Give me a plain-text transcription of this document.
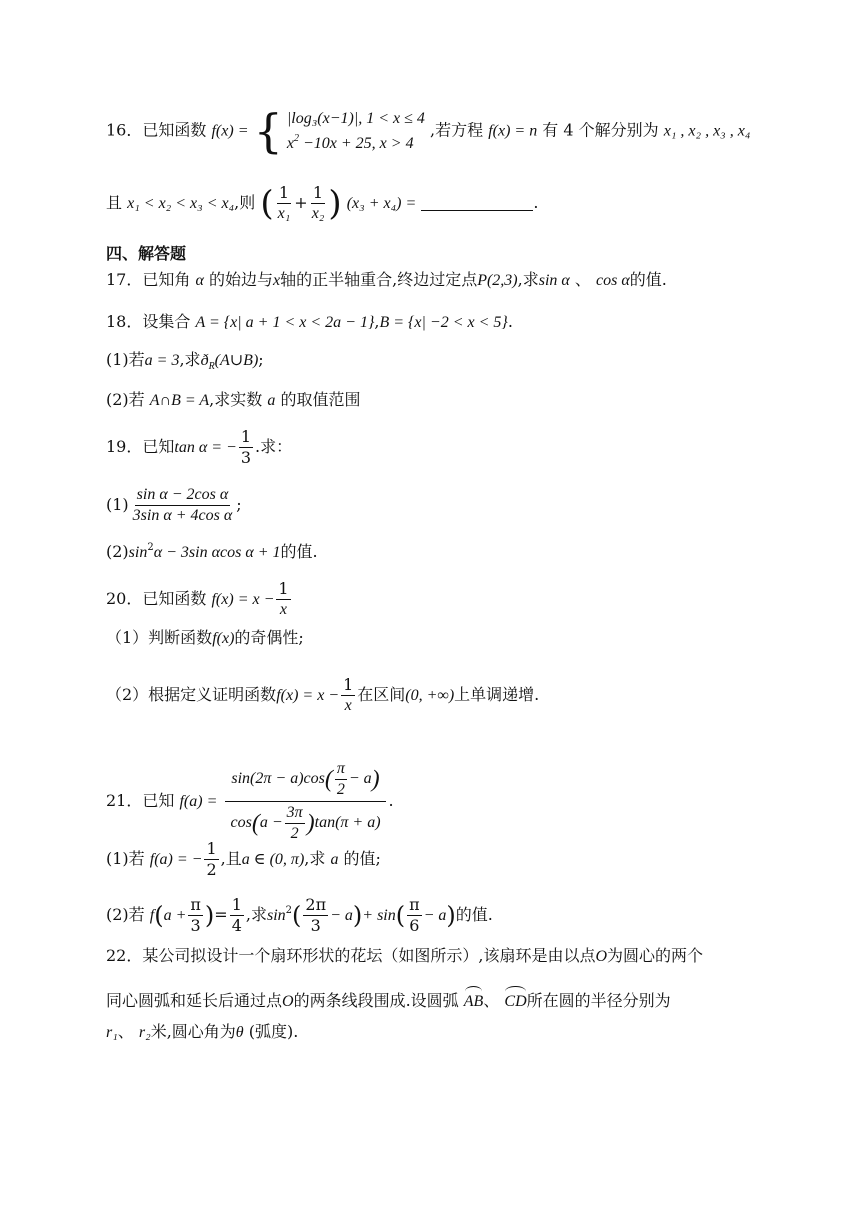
16．已知函数 f(x) = { |log₃(x−1)|, 1 < x ≤ 4
$x^2 -10x + 25$, x > 4
,若方程 f(x) = n 有 4 个解分别为 x₁ , x₂ , x₃ , x₄
且 x₁ < x₂ < x₃ < x₄,则 ( $\frac{1}{\text{x₁}} + \frac{1}{\text{x₂}}$ ) (x₃ + x₄) =	.
四、解答题
17．已知角 α 的始边与x轴的正半轴重合,终边过定点P(2,3),求sin α 、 cos α的值.
18．设集合 A = {x| a + 1 < x < 2a − 1},B = {x| −2 < x < 5}.
(1)若a = 3,求$ð_R(A\cup B)$;
(2)若 A∩B = A,求实数 a 的取值范围
19．已知tan α = − $\frac{1}{3}$ .求：
$(1) \frac{\text{sin α − 2cos α}}{\text{3sin α + 4cos α}}$ ;
$(2)\sin^2\alpha - 3\sin$ αcos α + 1的值.
20．已知函数 $f(x) = x - \frac{1}{x}$
（1）判断函数f(x)的奇偶性;
（2）根据定义证明函数$f(x) = x - \frac{1}{x}$ 在区间(0, +∞)上单调递增.
21．已知 $f(a) = \frac{\sin(2\pi - a)\cos( \frac{\pi}{2} - a)}{\cos(a - \frac{3\pi}{2} )\tan(\pi + a)}$ .
(1)若 f(a) = − $\frac{1}{2}$ ,且a ∈ (0, π),求 a 的值;
(2)若 $f(a + \frac{\pi}{3}$ )= $\frac{1}{4}$ ,求$\sin^2( \frac{2\pi}{3} - a)+ \sin( \frac{\pi}{6} - a)$的值.
22．某公司拟设计一个扇环形状的花坛（如图所示）,该扇环是由以点O为圆心的两个
同心圆弧和延长后通过点O的两条线段围成.设圆弧 AB、 CD所在圆的半径分别为
r₁、 r₂米,圆心角为θ (弧度).
